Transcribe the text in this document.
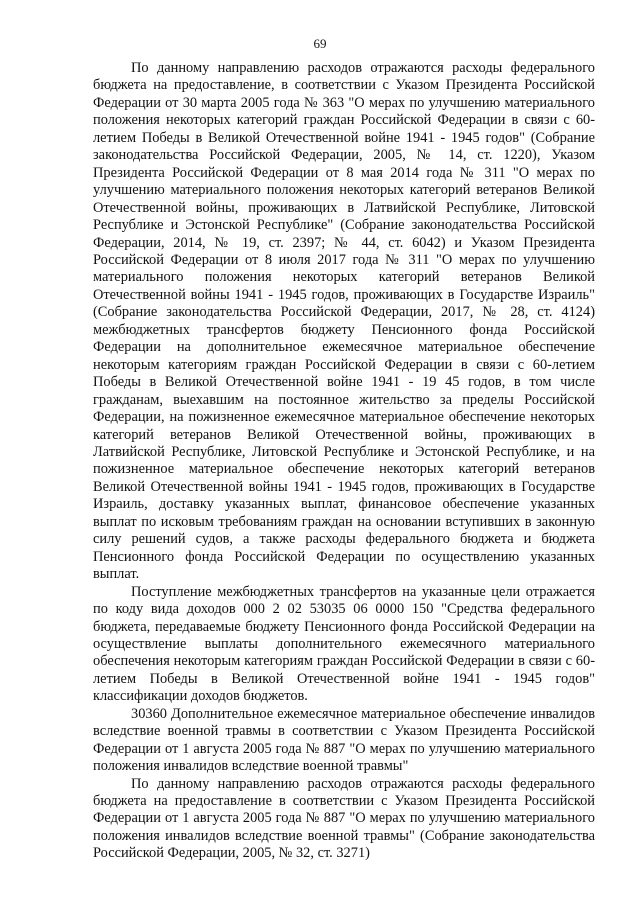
69

По данному направлению расходов отражаются расходы федерального бюджета на предоставление, в соответствии с Указом Президента Российской Федерации от 30 марта 2005 года № 363 "О мерах по улучшению материального положения некоторых категорий граждан Российской Федерации в связи с 60-летием Победы в Великой Отечественной войне 1941 - 1945 годов" (Собрание законодательства Российской Федерации, 2005, № 14, ст. 1220), Указом Президента Российской Федерации от 8 мая 2014 года № 311 "О мерах по улучшению материального положения некоторых категорий ветеранов Великой Отечественной войны, проживающих в Латвийской Республике, Литовской Республике и Эстонской Республике" (Собрание законодательства Российской Федерации, 2014, № 19, ст. 2397; № 44, ст. 6042) и Указом Президента Российской Федерации от 8 июля 2017 года № 311 "О мерах по улучшению материального положения некоторых категорий ветеранов Великой Отечественной войны 1941 - 1945 годов, проживающих в Государстве Израиль" (Собрание законодательства Российской Федерации, 2017, № 28, ст. 4124) межбюджетных трансфертов бюджету Пенсионного фонда Российской Федерации на дополнительное ежемесячное материальное обеспечение некоторым категориям граждан Российской Федерации в связи с 60-летием Победы в Великой Отечественной войне 1941 - 19 45 годов, в том числе гражданам, выехавшим на постоянное жительство за пределы Российской Федерации, на пожизненное ежемесячное материальное обеспечение некоторых категорий ветеранов Великой Отечественной войны, проживающих в Латвийской Республике, Литовской Республике и Эстонской Республике, и на пожизненное материальное обеспечение некоторых категорий ветеранов Великой Отечественной войны 1941 - 1945 годов, проживающих в Государстве Израиль, доставку указанных выплат, финансовое обеспечение указанных выплат по исковым требованиям граждан на основании вступивших в законную силу решений судов, а также расходы федерального бюджета и бюджета Пенсионного фонда Российской Федерации по осуществлению указанных выплат.

Поступление межбюджетных трансфертов на указанные цели отражается по коду вида доходов 000 2 02 53035 06 0000 150 "Средства федерального бюджета, передаваемые бюджету Пенсионного фонда Российской Федерации на осуществление выплаты дополнительного ежемесячного материального обеспечения некоторым категориям граждан Российской Федерации в связи с 60-летием Победы в Великой Отечественной войне 1941 - 1945 годов" классификации доходов бюджетов.

30360 Дополнительное ежемесячное материальное обеспечение инвалидов вследствие военной травмы в соответствии с Указом Президента Российской Федерации от 1 августа 2005 года № 887 "О мерах по улучшению материального положения инвалидов вследствие военной травмы"

По данному направлению расходов отражаются расходы федерального бюджета на предоставление в соответствии с Указом Президента Российской Федерации от 1 августа 2005 года № 887 "О мерах по улучшению материального положения инвалидов вследствие военной травмы" (Собрание законодательства Российской Федерации, 2005, № 32, ст. 3271)
